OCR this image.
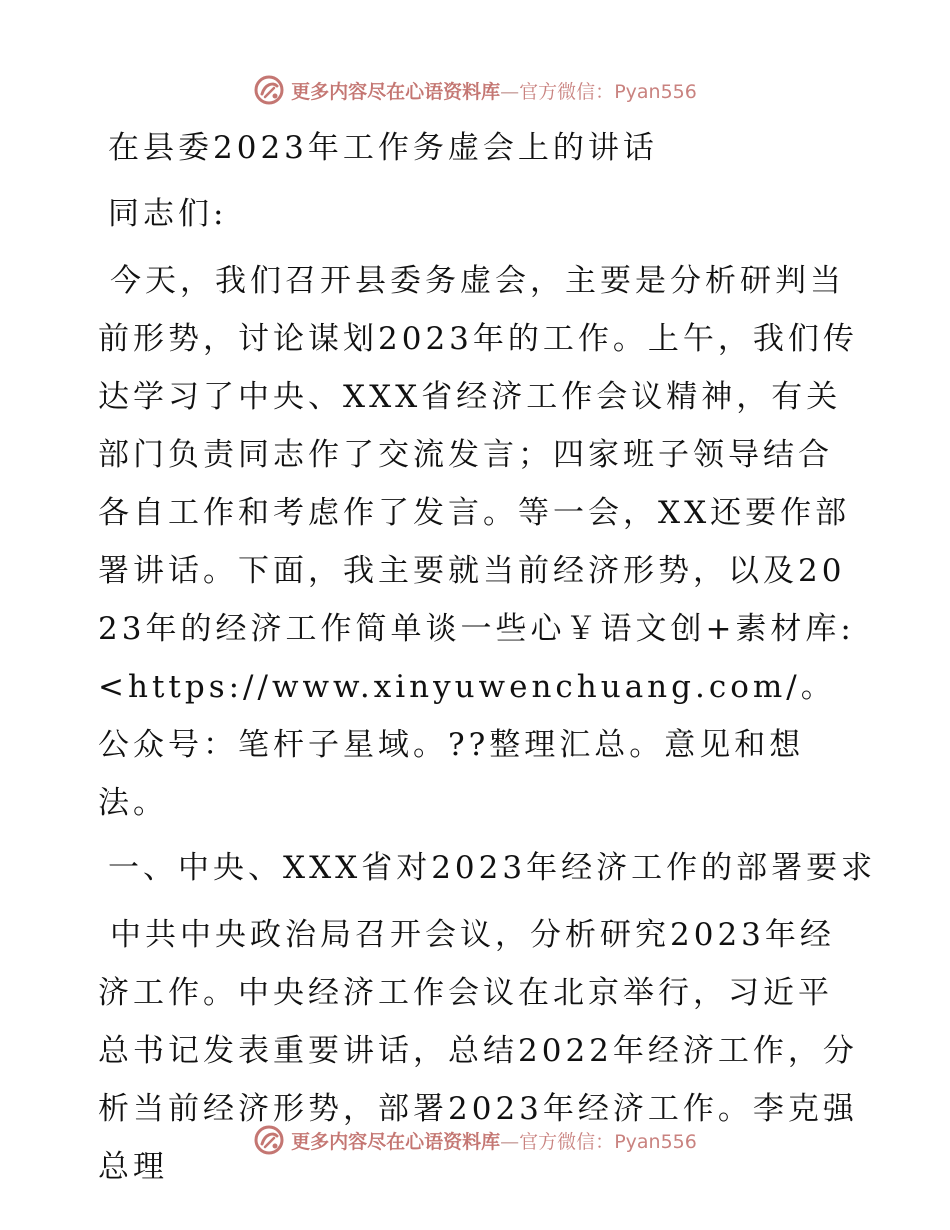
更多内容尽在心语资料库—官方微信：Pyan556
在县委2023年工作务虚会上的讲话
同志们:

今天，我们召开县委务虚会，主要是分析研判当前形势，讨论谋划2023年的工作。上午，我们传达学习了中央、XXX省经济工作会议精神，有关部门负责同志作了交流发言；四家班子领导结合各自工作和考虑作了发言。等一会，XX还要作部署讲话。下面，我主要就当前经济形势，以及2023年的经济工作简单谈一些心￥语文创+素材库:<https://www.xinyuwenchuang.com/。公众号：笔杆子星域。??整理汇总。意见和想法。

一、中央、XXX省对2023年经济工作的部署要求

中共中央政治局召开会议，分析研究2023年经济工作。中央经济工作会议在北京举行，习近平总书记发表重要讲话，总结2022年经济工作，分析当前经济形势，部署2023年经济工作。李克强总理

更多内容尽在心语资料库—官方微信：Pyan556
